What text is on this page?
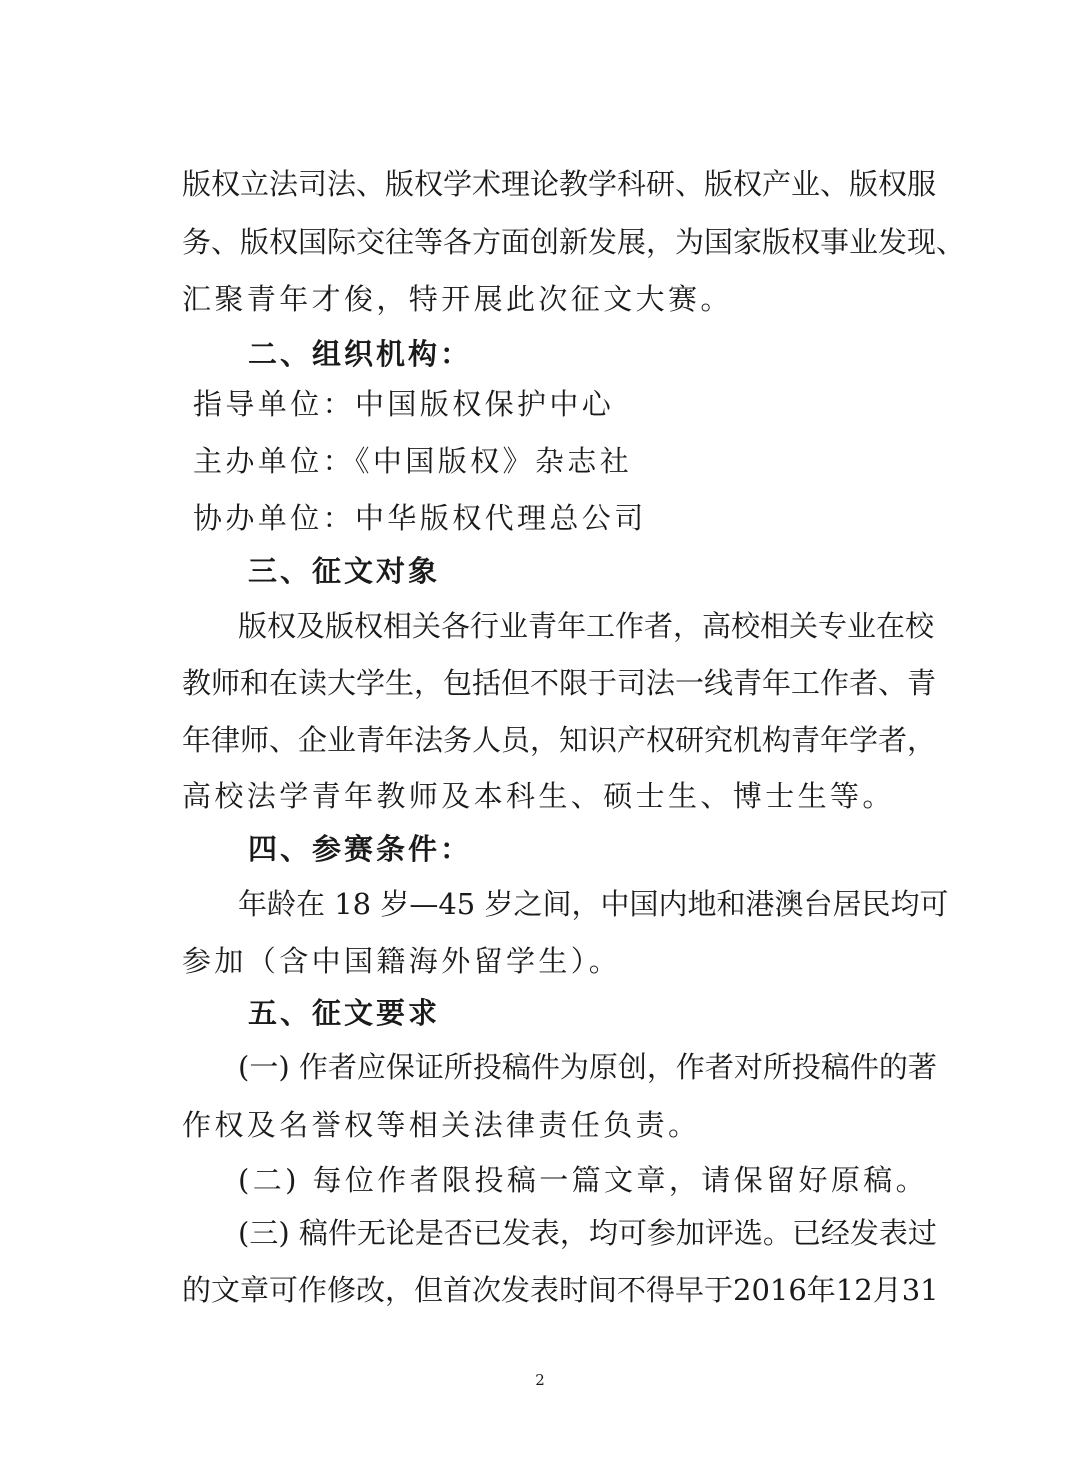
版权立法司法、版权学术理论教学科研、版权产业、版权服
务、版权国际交往等各方面创新发展，为国家版权事业发现、
汇聚青年才俊，特开展此次征文大赛。
二、组织机构：
指导单位：中国版权保护中心
主办单位：《中国版权》杂志社
协办单位：中华版权代理总公司
三、征文对象
版权及版权相关各行业青年工作者，高校相关专业在校
教师和在读大学生，包括但不限于司法一线青年工作者、青
年律师、企业青年法务人员，知识产权研究机构青年学者，
高校法学青年教师及本科生、硕士生、博士生等。
四、参赛条件：
年龄在 18 岁—45 岁之间，中国内地和港澳台居民均可
参加（含中国籍海外留学生）。
五、征文要求
(一) 作者应保证所投稿件为原创，作者对所投稿件的著
作权及名誉权等相关法律责任负责。
(二) 每位作者限投稿一篇文章，请保留好原稿。
(三) 稿件无论是否已发表，均可参加评选。已经发表过
的文章可作修改，但首次发表时间不得早于2016年12月31
2
